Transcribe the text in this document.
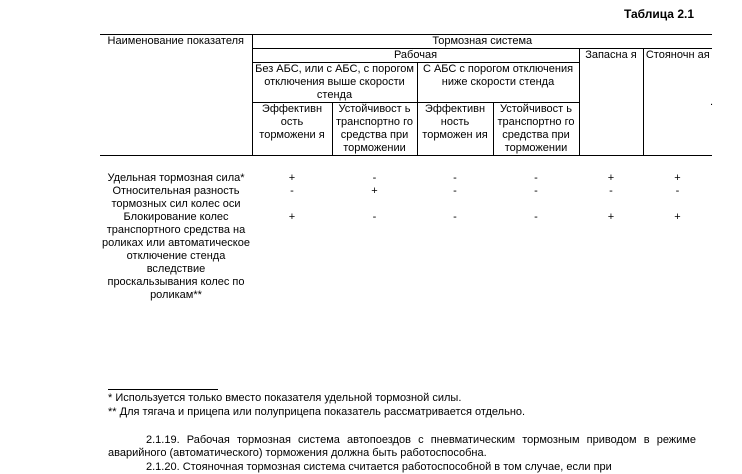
Таблица 2.1
Наименование показателя	Тормозная система					
	Рабочая				Запасна я	Стояночн ая
	Без АБС, или с АБС, с порогом отключения выше скорости стенда		С АБС с порогом отключения ниже скорости стенда			
	Эффективн ость торможени я	Устойчивост ь транспортно го средства при торможении	Эффективн ность торможен ия	Устойчивост ь транспортно го средства при торможении		

Удельная тормозная сила*	+	-	-	-	+	+
Относительная разность тормозных сил колес оси	-	+	-	-	-	-
Блокирование колес транспортного средства на роликах или автоматическое отключение стенда вследствие проскальзывания колес по роликам**	+	-	-	-	+	+
.
* Используется только вместо показателя удельной тормозной силы.
** Для тягача и прицепа или полуприцепа показатель рассматривается отдельно.
2.1.19. Рабочая тормозная система автопоездов с пневматическим тормозным приводом в режиме аварийного (автоматического) торможения должна быть работоспособна.
2.1.20. Стояночная тормозная система считается работоспособной в том случае, если при
